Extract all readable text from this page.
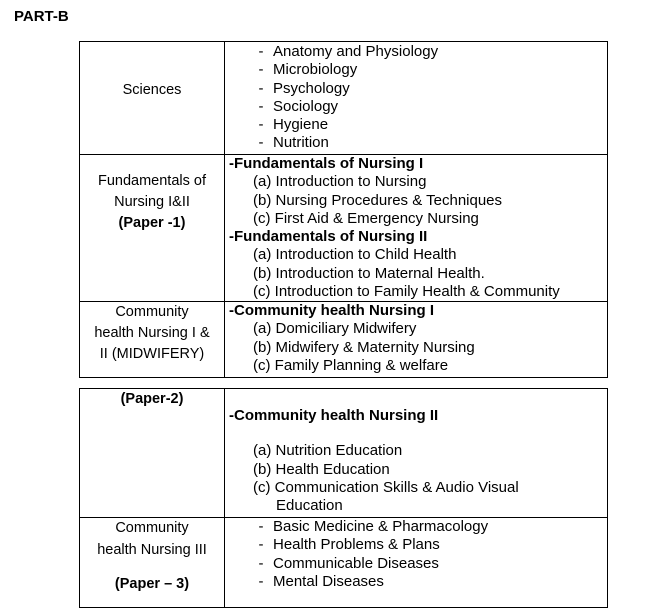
PART-B
Sciences
- Anatomy and Physiology
- Microbiology
- Psychology
- Sociology
- Hygiene
- Nutrition
Fundamentals of
Nursing I&II
(Paper -1)
-Fundamentals of Nursing I
(a) Introduction to Nursing
(b) Nursing Procedures & Techniques
(c) First Aid & Emergency Nursing
-Fundamentals of Nursing II
(a) Introduction to Child Health
(b) Introduction to Maternal Health.
(c) Introduction to Family Health & Community
Community
health Nursing I &
II (MIDWIFERY)
-Community health Nursing I
(a) Domiciliary Midwifery
(b) Midwifery & Maternity Nursing
(c) Family Planning & welfare
(Paper-2)
-Community health Nursing II
(a) Nutrition Education
(b) Health Education
(c) Communication Skills & Audio Visual
Education
Community
health Nursing III
(Paper – 3)
- Basic Medicine & Pharmacology
- Health Problems & Plans
- Communicable Diseases
- Mental Diseases
